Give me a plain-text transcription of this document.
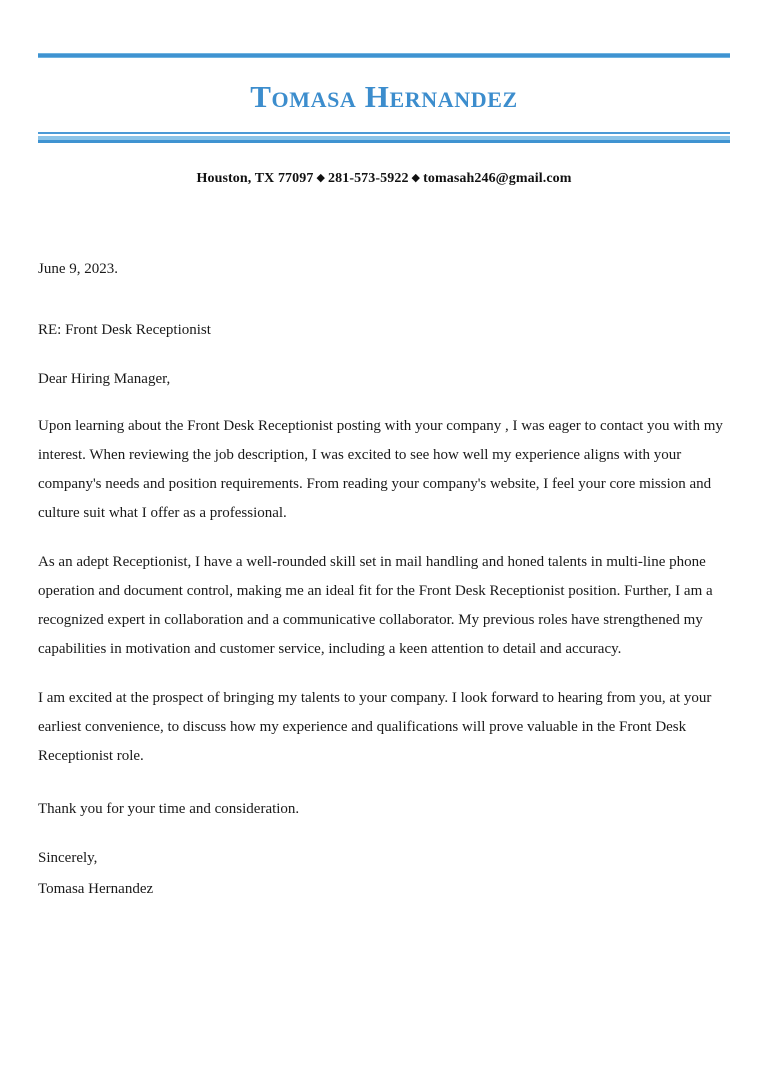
Tomasa Hernandez
Houston, TX 77097 ◆ 281-573-5922 ◆ tomasah246@gmail.com
June 9, 2023.
RE: Front Desk Receptionist
Dear Hiring Manager,

Upon learning about the Front Desk Receptionist posting with your company , I was eager to contact you with my interest. When reviewing the job description, I was excited to see how well my experience aligns with your company's needs and position requirements. From reading your company's website, I feel your core mission and culture suit what I offer as a professional.

As an adept Receptionist, I have a well-rounded skill set in mail handling and honed talents in multi-line phone operation and document control, making me an ideal fit for the Front Desk Receptionist position. Further, I am a recognized expert in collaboration and a communicative collaborator. My previous roles have strengthened my capabilities in motivation and customer service, including a keen attention to detail and accuracy.

I am excited at the prospect of bringing my talents to your company. I look forward to hearing from you, at your earliest convenience, to discuss how my experience and qualifications will prove valuable in the Front Desk Receptionist role.

Thank you for your time and consideration.
Sincerely,
Tomasa Hernandez
